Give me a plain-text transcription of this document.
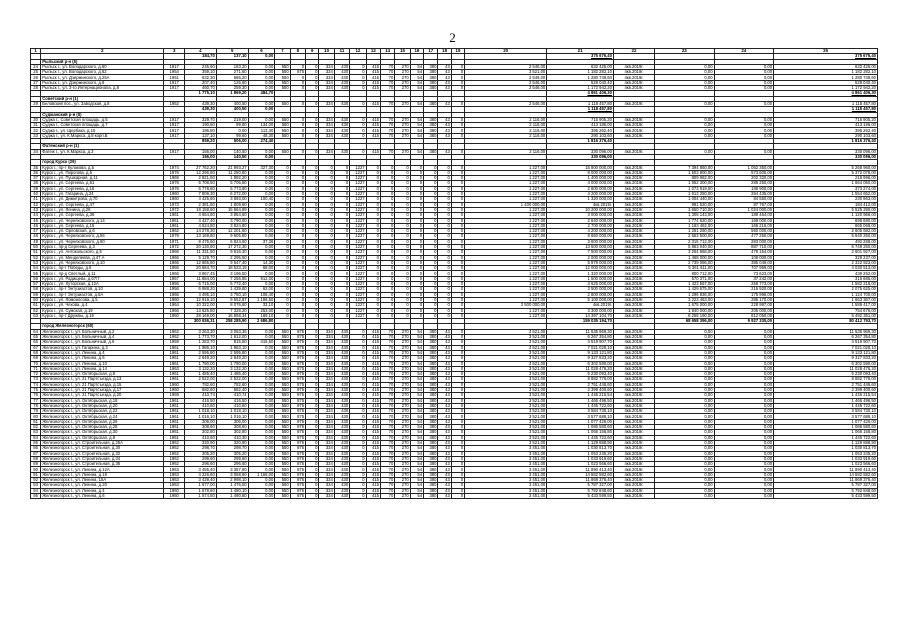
2
1	2	3	4	5	6	7	8	9	10	11	12	13	14	15	16	17	18	19	20	21	22	23	24	25
			184,70	137,10	0,00															375 676,40				375 676,40
	Рыльский р-н (5)																							
24	Рыльск г., ул. Володарского, д.60	1917	245,60	183,20	0,00	550	0	0	334	430	0	415	70	270	54	380	43	0	2 546,00	632 426,00	4кв.2019г.	0,00	0,00	632 426,00
25	Рыльск г., ул. Володарского, д.62	1954	359,10	271,60	0,00	550	875	0	334	430	0	415	70	270	54	380	43	0	3 521,00	1 182 282,10	4кв.2019г.	0,00	0,00	1 182 282,10
26	Рыльск г., ул. Дзержинского, д.25А	1951	632,30	586,20	0,00	550	0	0	334	430	0	415	70	270	54	380	43	0	2 546,00	1 280 749,60	4кв.2019г.	0,00	0,00	1 280 749,60
27	Рыльск г., ул. Дзержинского, д.8	1917	207,40	126,60	0,00	550	0	0	334	430	0	415	70	270	54	380	43	0	2 546,00	528 040,40	4кв.2019г.	0,00	0,00	528 040,40
28	Рыльск г., ул. 3-го Интернационала, д.8	1917	460,70	259,30	0,00	550	0	0	334	430	0	415	70	270	54	380	43	0	2 546,00	1 172 942,20	4кв.2019г.	0,00	0,00	1 172 942,20
			1 775,10	1 869,20	484,70															4 861 406,30				4 861 406,30
	Советский р-н (1)																							
29	Беловский пос., ул. Заводская, д.8	1952	439,30	400,50	0,00	550	0	0	334	430	0	415	70	270	54	380	43	0	2 546,00	1 118 457,80	4кв.2019г.	0,00	0,00	1 118 457,80
			439,30	400,50	0,00															1 118 457,80				1 118 457,80
	Суджанский р-н (5)																							
30	Суджа г., Советская площадь, д.5	1917	329,70	219,00	0,00	550	0	0	334	430	0	415	70	270	54	380	43	0	2 116,00	715 905,20	4кв.2019г.	0,00	0,00	715 905,20
31	Суджа г., Советская площадь, д.7	1917	190,60	99,80	134,00	550	0	0	334	430	0	415	70	270	54	380	43	0	2 116,00	413 186,00	4кв.2019г.	0,00	0,00	413 186,00
32	Суджа г., ул. Щербака, д.15	1917	186,80	0,00	113,30	550	0	0	334	430	0	415	70	270	54	380	43	0	2 116,00	395 262,40	4кв.2019г.	0,00	0,00	395 262,40
33	Суджа г., ул. К.Маркса, д.8 корп.Б	1917	137,10	99,60	48,30	550	0	0	334	430	0	415	70	270	54	380	43	0	2 116,00	290 103,60	4кв.2019г.	0,00	0,00	290 103,60
			859,20	506,00	274,40															1 816 376,40				1 816 376,40
	Фатежский р-н (1)																							
34	Фатеж г., ул. К.Маркса, д.3	1917	156,00	140,50	0,00	550	0	0	334	430	0	415	70	270	54	380	43	0	2 116,00	330 096,00	4кв.2019г.	0,00	0,00	330 096,00
			156,00	140,50	0,00															330 096,00				330 096,00
	город Курск (29)																							
35	Курск г., пр-т Кулакова, д.5	1974	27 762,20	21 993,27	327,30	0	0	0	0	0	1227	0	0	0	0	0	0	0	1 227,00	15 800 000,00	4кв.2019г.	7 394 860,00	1 052 350,00	5 268 960,00
36	Курск г., ул. Пирогова, д.5	1976	12 296,80	11 250,80	0,00	0	0	0	0	0	1227	0	0	0	0	0	0	0	1 227,00	8 000 000,00	4кв.2019г.	1 503 900,00	573 600,00	5 372 078,00
37	Курск г., ул. Пушкарная, д.11	1969	2 821,50	1 892,20	0,00	0	0	0	0	0	1227	0	0	0	0	0	0	0	1 227,00	1 400 000,00	4кв.2019г.	809 982,00	202 320,00	218 996,00
38	Курск г., ул. Сергеева, д.51	1976	6 708,50	5 706,80	0,00	0	0	0	0	0	1227	0	0	0	0	0	0	0	1 227,00	4 000 000,00	4кв.2019г.	1 952 300,00	286 250,00	1 664 050,00
39	Курск г., ул. Сергеева, д.16	1976	6 778,80	5 773,90	0,00	0	0	0	0	0	1227	0	0	0	0	0	0	0	1 227,00	2 600 000,00	4кв.2019г.	1 073 919,00	186 900,00	373 274,00
40	Курск г., ул. Гагарина, д.24	1960	7 809,30	6 272,00	0,00	0	0	0	0	0	1227	0	0	0	0	0	0	0	1 227,00	4 200 000,00	4кв.2019г.	1 613 250,00	264 435,00	1 554 652,00
41	Курск г., ул. Димитрова, д.70	1960	4 425,60	3 893,00	100,40	0	0	0	0	0	1227	0	0	0	0	0	0	0	1 227,00	1 320 000,00	4кв.2019г.	1 004 440,00	84 550,00	230 963,00
42	Курск г., ул. Сергеева, д.47	1973	2 381,60	1 809,60	0,00	0	0	0	0	0	1227	0	0	0	0	0	0	0	1 400 000,00	4кв.2019г.	4кв.2019г.	991 520,00	87 767,00	184 412,00
43	Курск г., ул. Ленина, д.28	1972	18 158,60	15 664,89	0,00	0	0	0	0	0	1227	0	0	0	0	0	0	0	1 227,00	10 200 000,00	4кв.2019г.	3 650 710,00	1 024 000,00	5 525 290,00
44	Курск г., ул. Сергеева, д.36	1961	4 654,80	3 854,60	0,00	0	0	0	0	0	1227	0	0	0	0	0	0	0	1 227,00	3 000 000,00	4кв.2019г.	1 308 143,00	189 464,00	1 120 966,00
45	Курск г., ул. Черняховского, д.14	1961	4 427,40	3 790,00	0,00	0	0	0	0	0	1227	0	0	0	0	0	0	0	1 227,00	2 640 000,00	4кв.2019г.	1 774 620,00	169 000,00	696 680,00
46	Курск г., ул. Сергеева, д.15	1961	4 524,80	3 824,80	0,00	0	0	0	0	0	1227	0	0	0	0	0	0	0	1 227,00	2 700 000,00	4кв.2019г.	1 163 462,00	166 216,00	665 068,00
47	Курск г., ул. Орловская, д.6	1962	14 278,30	12 201,60	0,00	0	0	0	0	0	1227	0	0	0	0	0	0	0	1 227,00	4 200 000,00	4кв.2019г.	1 261 260,00	560 000,00	2 605 682,00
48	Курск г., ул. Черняховского, д.56	1979	13 169,80	9 605,80	0,00	0	0	0	0	0	1227	0	0	0	0	0	0	0	1 227,00	8 650 000,00	4кв.2019г.	2 653 500,00	477 250,00	5 640 250,00
49	Курск г., ул. Черняховского, д.60	1971	8 475,60	6 824,60	37,36	0	0	0	0	0	1227	0	0	0	0	0	0	0	1 227,00	3 600 000,00	4кв.2019г.	2 315 712,00	283 000,00	492 288,00
50	Курск г., пр-д Сергеева, д.3	1972	20 130,60	17 272,30	0,00	0	0	0	0	0	1227	0	0	0	0	0	0	0	1 227,00	13 500 000,00	4кв.2019г.	5 863 040,00	887 710,00	6 749 250,00
51	Курск г., ул. Антокольского, д.5	1966	11 331,50	9 616,30	0,00	0	0	0	0	0	1227	0	0	0	0	0	0	0	1 227,00	7 500 000,00	4кв.2019г.	3 264 668,00	476 154,00	2 601 927,00
52	Курск г., ул. Менделеева, д.47 А	1966	5 129,70	2 295,50	0,00	0	0	0	0	0	1227	0	0	0	0	0	0	0	1 227,00	2 000 000,00	4кв.2019г.	1 468 000,00	106 000,00	329 237,00
53	Курск г., ул. Черняховского, д.10	1966	12 665,80	9 647,40	14,30	0	0	0	0	0	1227	0	0	0	0	0	0	0	1 227,00	5 979 000,00	4кв.2019г.	2 739 086,00	385 049,00	2 322 923,00
54	Курск г., пр-т Победы, д.5	1966	20 684,70	18 523,19	68,00	0	0	0	0	0	1227	0	0	0	0	0	0	0	1 227,00	12 000 000,00	4кв.2019г.	5 361 611,00	707 959,00	4 030 513,00
55	Курск г., пр-д Светлый, д.11	1966	3 867,45	3 196,50	0,00	0	0	0	0	0	1227	0	0	0	0	0	0	0	1 227,00	1 320 000,00	4кв.2019г.	800 712,00	73 623,00	439 252,00
56	Курск г., ул. Радищева, д.67/7	1957	11 684,00	7 256,85	912,00	0	0	0	0	0	1227	0	0	0	0	0	0	0	1 227,00	1 500 000,00	4кв.2019г.	570 371,00	37 242,00	316 685,00
57	Курск г., ул. Хуторская, д.12А	1956	6 715,00	5 772,40	0,00	0	0	0	0	0	1227	0	0	0	0	0	0	0	1 227,00	3 625 000,00	4кв.2019г.	1 423 567,00	258 773,00	1 582 218,00
58	Курск г., пр-т Энтузиастов, д.10	1956	6 988,20	1 439,80	62,00	0	0	0	0	0	1227	0	0	0	0	0	0	0	1 227,00	3 500 000,00	4кв.2019г.	1 429 675,00	216 920,00	2 075 625,00
59	Курск г., пр-т Энтузиастов, д.8А	1966	4 495,10	3 750,10	108,40	0	0	0	0	0	1227	0	0	0	0	0	0	0	1 227,00	2 800 000,00	4кв.2019г.	1 296 836,00	175 996,00	1 124 700,00
60	Курск г., ул. Ломоносова, д.5	1960	12 919,10	9 652,87	1 196,50	0	0	0	0	0	1227	0	0	0	0	0	0	0	1 227,00	5 100 000,00	4кв.2019г.	3 223 463,00	285 170,00	1 663 367,00
61	Курск г., ул. Чехова, д.4	1964	10 322,00	8 076,60	33,10	0	0	0	0	0	1227	0	0	0	0	0	0	0	3 500 000,00	4кв.2019г.	4кв.2019г.	1 675 000,00	228 997,00	1 586 417,00
62	Курск г., ул. Сумская, д.19	1966	13 625,80	7 328,20	253,00	0	0	0	0	0	1227	0	0	0	0	0	0	0	1 227,00	3 300 000,00	4кв.2019г.	1 840 000,00	205 000,00	754 676,00
63	Курск г., пр-т Дружбы, д.19	1960	28 169,00	16 858,34	169,10	0	0	0	0	0	1227	0	0	0	0	0	0	0	1 227,00	14 397 104,70	4кв.2019г.	6 258 190,00	812 050,00	5 492 351,00
			300 936,31	258 285,90	2 686,80															159 035 194,70		68 658 396,00	9 927 335,00	80 412 793,70
	город Железногорск (60)																							
64	Железногорск г., ул. Больничный, д.2	1962	3 263,30	3 063,36	0,00	550	875	0	334	430	0	415	70	270	54	380	43	0	3 521,00	11 535 969,30	4кв.2019г.	0,00	0,00	11 535 969,30
65	Железногорск г., ул. Больничный, д.4	1962	1 773,70	1 612,00	0,00	550	875	0	334	430	0	415	70	270	54	380	43	0	3 521,00	6 267 354,80	4кв.2019г.	0,00	0,00	6 267 354,80
66	Железногорск г., ул. Больничный, д.6	1959	1 283,70	815,80	415,50	550	875	0	334	430	0	415	70	270	54	380	43	0	3 521,00	4 519 907,70	4кв.2019г.	0,00	0,00	4 519 907,70
67	Железногорск г., ул. Гагарина, д.3	1961	1 986,10	1 963,10	0,00	550	875	0	334	430	0	415	70	270	54	380	43	0	3 521,00	7 021 028,10	4кв.2019г.	0,00	0,00	7 021 028,10
68	Железногорск г., ул. Ленина, д.4	1961	2 595,80	2 595,80	0,00	550	875	0	334	430	0	415	70	270	54	380	43	0	3 521,00	9 133 121,80	4кв.2019г.	0,00	0,00	9 133 121,80
69	Железногорск г., ул. Ленина, д.6	1961	2 649,20	2 649,20	0,00	550	875	0	334	430	0	415	70	270	54	380	43	0	3 521,00	9 327 833,20	4кв.2019г.	0,00	0,00	9 327 833,20
70	Железногорск г., ул. Ленина, д.10	1961	1 790,00	1 790,00	0,00	550	875	0	334	430	0	415	70	270	54	380	43	0	3 521,00	6 302 590,00	4кв.2019г.	0,00	0,00	6 302 590,00
71	Железногорск г., ул. Ленина, д.14	1963	3 132,20	3 132,20	0,00	550	875	0	334	430	0	415	70	270	54	380	43	0	3 521,00	11 028 476,20	4кв.2019г.	0,00	0,00	11 028 476,20
72	Железногорск г., ул. Октябрьская, д.8	1961	1 485,40	1 485,40	0,00	550	875	0	334	430	0	415	70	270	54	380	43	0	3 521,00	5 230 093,40	4кв.2019г.	0,00	0,00	5 230 093,40
73	Железногорск г., ул. 21 Партсъезда, д.13	1961	2 522,00	2 522,00	0,00	550	875	0	334	430	0	415	70	270	54	380	43	0	3 521,00	8 882 776,00	4кв.2019г.	0,00	0,00	8 882 776,00
74	Железногорск г., ул. 21 Партсъезда, д.15	1960	782,60	782,60	0,00	550	875	0	334	430	0	415	70	270	54	380	43	0	3 521,00	2 751 446,60	4кв.2019г.	0,00	0,00	2 751 446,60
75	Железногорск г., ул. 21 Партсъезда, д.17	1960	682,60	682,40	0,00	550	875	0	334	430	0	415	70	270	54	380	43	0	3 521,00	2 399 400,60	4кв.2019г.	0,00	0,00	2 399 400,60
76	Железногорск г., ул. 21 Партсъезда, д.20	1959	410,74	410,74	0,00	550	875	0	334	430	0	415	70	270	54	380	43	0	3 521,00	1 446 215,54	4кв.2019г.	0,00	0,00	1 446 215,54
77	Железногорск г., ул. Октябрьская, д.18	1961	416,50	416,50	0,00	550	875	0	334	430	0	415	70	270	54	380	43	0	3 521,00	1 466 496,50	4кв.2019г.	0,00	0,00	1 466 496,50
78	Железногорск г., ул. Октябрьская, д.20	1961	410,60	410,60	0,00	550	875	0	334	430	0	415	70	270	54	380	43	0	3 521,00	1 445 722,60	4кв.2019г.	0,00	0,00	1 445 722,60
79	Железногорск г., ул. Октябрьская, д.22	1961	1 018,10	1 018,10	0,00	550	875	0	334	430	0	415	70	270	54	380	43	0	3 521,00	3 584 730,10	4кв.2019г.	0,00	0,00	3 584 730,10
80	Железногорск г., ул. Октябрьская, д.24	1961	1 016,10	1 016,10	0,00	550	875	0	334	430	0	415	70	270	54	380	43	0	3 521,00	3 577 688,10	4кв.2019г.	0,00	0,00	3 577 688,10
81	Железногорск г., ул. Октябрьская, д.26	1961	306,00	306,00	0,00	550	875	0	334	430	0	415	70	270	54	380	43	0	3 521,00	1 077 426,00	4кв.2019г.	0,00	0,00	1 077 426,00
82	Железногорск г., ул. Октябрьская, д.28	1961	308,60	308,60	0,00	550	875	0	334	430	0	415	70	270	54	380	43	0	3 521,00	1 086 580,60	4кв.2019г.	0,00	0,00	1 086 580,60
83	Железногорск г., ул. Октябрьская, д.30	1961	302,80	302,80	0,00	550	875	0	334	430	0	415	70	270	54	380	43	0	3 521,00	1 066 158,80	4кв.2019г.	0,00	0,00	1 066 158,80
84	Железногорск г., ул. Октябрьская, д.9	1961	410,60	410,30	0,00	550	875	0	334	430	0	415	70	270	54	380	43	0	3 521,00	1 445 722,60	4кв.2019г.	0,00	0,00	1 445 722,60
85	Железногорск г., ул. Строительная, д.26А	1962	320,90	320,90	0,00	550	875	0	334	430	0	415	70	270	54	380	43	0	3 521,00	1 129 888,90	4кв.2019г.	0,00	0,00	1 129 888,90
86	Железногорск г., ул. Строительная, д.30	1962	298,70	298,70	0,00	550	875	0	334	430	0	415	70	270	54	380	43	0	3 451,00	1 030 813,70	4кв.2019г.	0,00	0,00	1 030 813,70
87	Железногорск г., ул. Строительная, д.32	1962	305,20	305,20	0,00	550	875	0	334	430	0	415	70	270	54	380	43	0	3 451,00	1 053 245,20	4кв.2019г.	0,00	0,00	1 053 245,20
88	Железногорск г., ул. Строительная, д.34	1962	299,60	299,60	0,00	550	875	0	334	430	0	415	70	270	54	380	43	0	3 451,00	1 033 919,60	4кв.2019г.	0,00	0,00	1 033 919,60
89	Железногорск г., ул. Строительная, д.36	1962	296,60	296,60	0,00	550	875	0	334	430	0	415	70	270	54	380	43	0	3 451,00	1 023 566,60	4кв.2019г.	0,00	0,00	1 023 566,60
90	Железногорск г., ул. Ленина, д.12А	1963	3 455,40	3 357,80	0,00	550	875	0	334	430	0	415	70	270	54	380	43	0	3 451,00	11 890 413,40	4кв.2019г.	0,00	0,00	11 890 413,40
91	Железногорск г., ул. Ленина, д.18	1963	4 226,60	3 058,60	1 168,00	550	875	0	334	430	0	415	70	270	54	380	43	0	3 451,00	14 582 582,60	4кв.2019г.	0,00	0,00	14 582 582,60
92	Железногорск г., ул. Ленина, 18А	1963	3 439,40	2 998,10	0,00	550	875	0	334	430	0	415	70	270	54	380	43	0	3 451,00	11 869 376,40	4кв.2019г.	0,00	0,00	11 869 376,40
93	Железногорск г., ул. Ленина, д.20	1963	1 677,00	1 476,50	0,00	550	875	0	334	430	0	415	70	270	54	380	43	0	3 451,00	5 787 327,00	4кв.2019г.	0,00	0,00	5 787 327,00
94	Железногорск г., ул. Ленина, д.4	1960	1 678,60	1 480,10	0,00	550	875	0	334	430	0	415	70	270	54	380	43	0	3 451,00	5 792 848,60	4кв.2019г.	0,00	0,00	5 792 848,60
95	Железногорск г., ул. Ленина, д.6	1960	1 574,50	1 490,80	0,00	550	875	0	334	430	0	415	70	270	54	380	43	0	3 451,00	5 433 599,50	4кв.2019г.	0,00	0,00	5 433 599,50
